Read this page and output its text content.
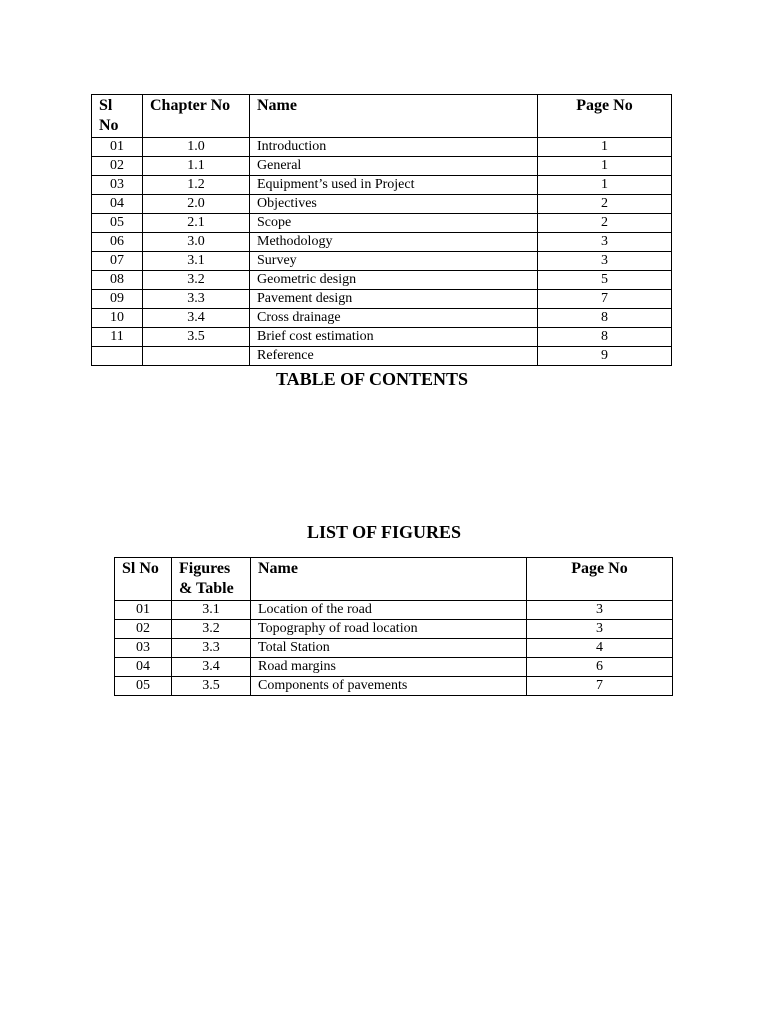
Sl No	Chapter No	Name	Page No
01	1.0	Introduction	1
02	1.1	General	1
03	1.2	Equipment’s used in Project	1
04	2.0	Objectives	2
05	2.1	Scope	2
06	3.0	Methodology	3
07	3.1	Survey	3
08	3.2	Geometric design	5
09	3.3	Pavement design	7
10	3.4	Cross drainage	8
11	3.5	Brief cost estimation	8
		Reference	9
TABLE OF CONTENTS
LIST OF FIGURES
Sl No	Figures & Table	Name	Page No
01	3.1	Location of the road	3
02	3.2	Topography of road location	3
03	3.3	Total Station	4
04	3.4	Road margins	6
05	3.5	Components of pavements	7
